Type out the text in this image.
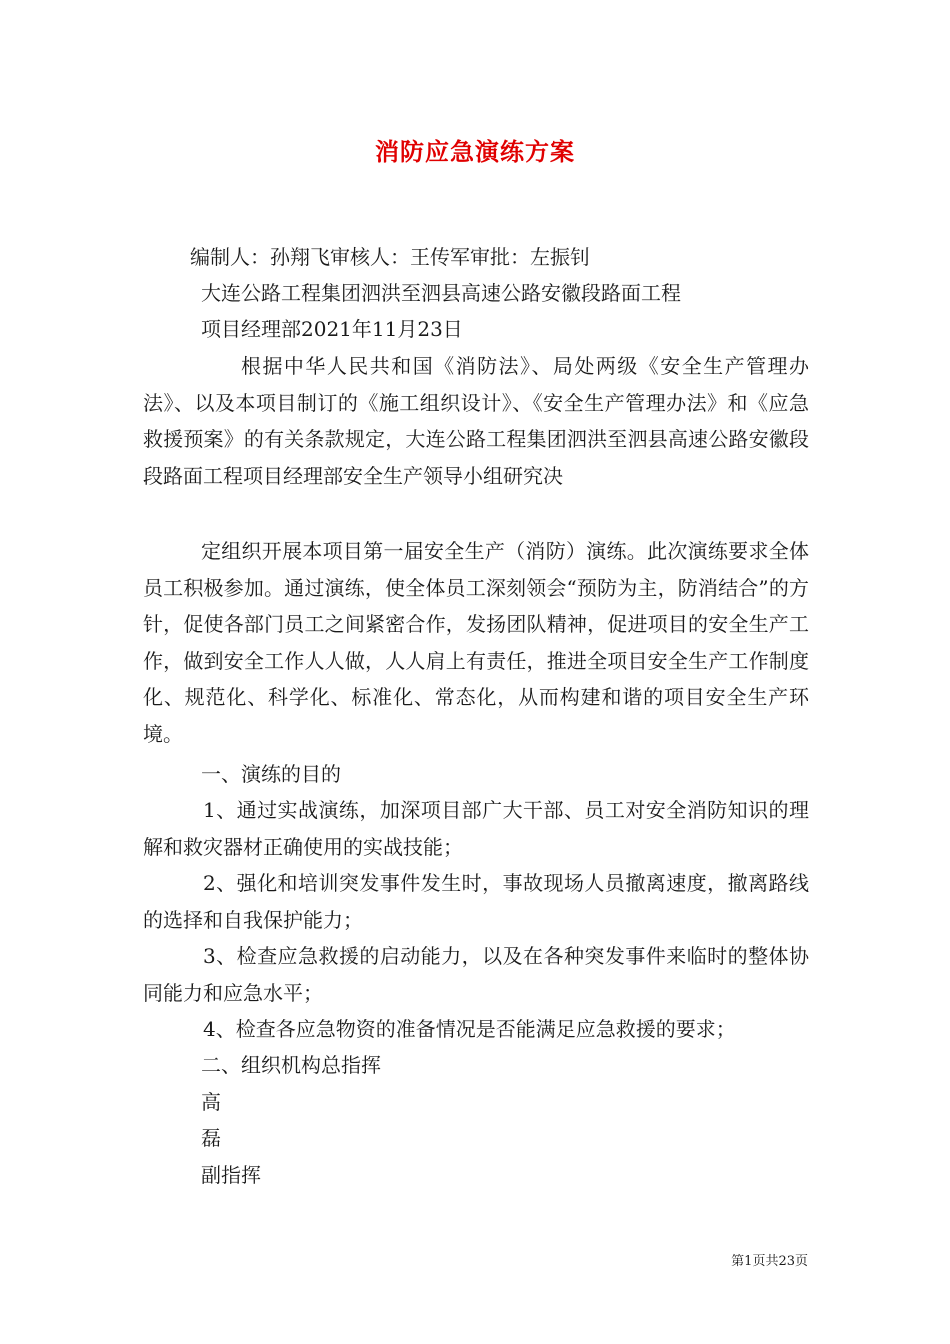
消防应急演练方案
编制人：孙翔飞审核人：王传军审批：左振钊
大连公路工程集团泗洪至泗县高速公路安徽段路面工程
项目经理部2021年11月23日
根据中华人民共和国《消防法》、局处两级《安全生产管理办法》、以及本项目制订的《施工组织设计》、《安全生产管理办法》和《应急救援预案》的有关条款规定，大连公路工程集团泗洪至泗县高速公路安徽段段路面工程项目经理部安全生产领导小组研究决
定组织开展本项目第一届安全生产（消防）演练。此次演练要求全体员工积极参加。通过演练，使全体员工深刻领会“预防为主，防消结合”的方针，促使各部门员工之间紧密合作，发扬团队精神，促进项目的安全生产工作，做到安全工作人人做，人人肩上有责任，推进全项目安全生产工作制度化、规范化、科学化、标准化、常态化，从而构建和谐的项目安全生产环境。
一、演练的目的
1、通过实战演练，加深项目部广大干部、员工对安全消防知识的理解和救灾器材正确使用的实战技能；
2、强化和培训突发事件发生时，事故现场人员撤离速度，撤离路线的选择和自我保护能力；
3、检查应急救援的启动能力，以及在各种突发事件来临时的整体协同能力和应急水平；
4、检查各应急物资的准备情况是否能满足应急救援的要求；
二、组织机构总指挥
高
磊
副指挥
第1页共23页
